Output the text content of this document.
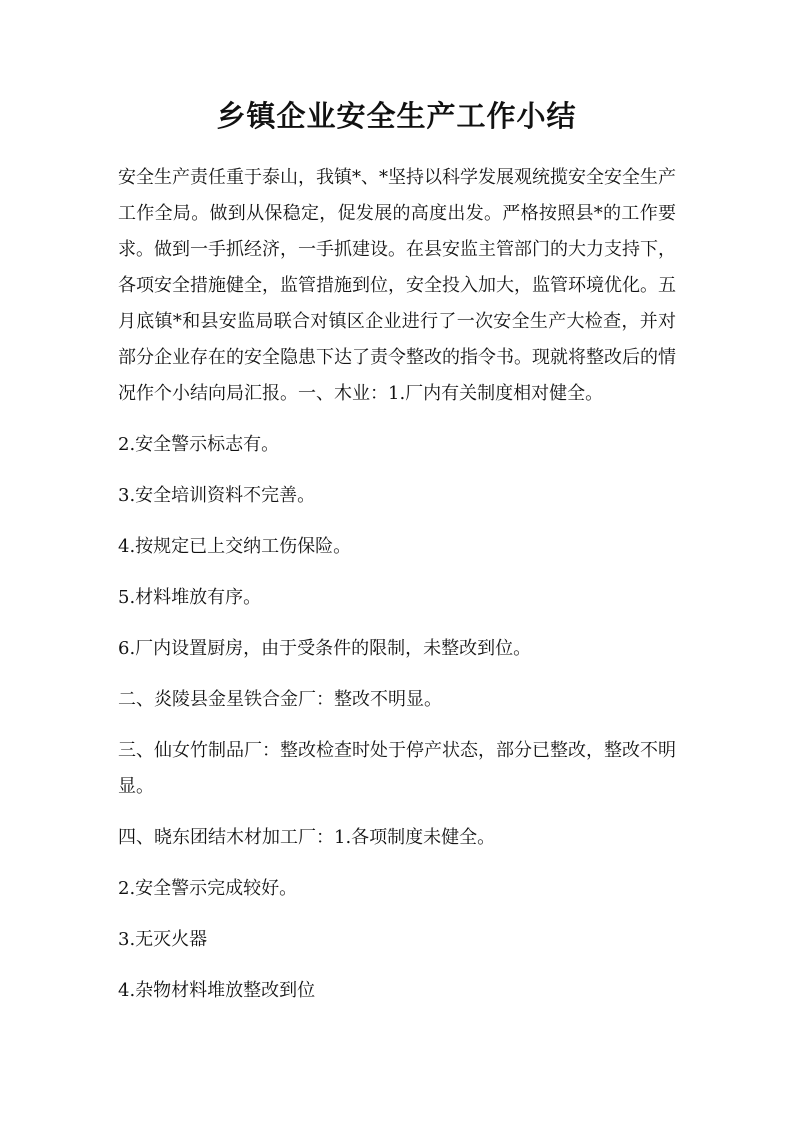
乡镇企业安全生产工作小结

安全生产责任重于泰山，我镇*、*坚持以科学发展观统揽安全安全生产工作全局。做到从保稳定，促发展的高度出发。严格按照县*的工作要求。做到一手抓经济，一手抓建设。在县安监主管部门的大力支持下，各项安全措施健全，监管措施到位，安全投入加大，监管环境优化。五月底镇*和县安监局联合对镇区企业进行了一次安全生产大检查，并对部分企业存在的安全隐患下达了责令整改的指令书。现就将整改后的情况作个小结向局汇报。一、木业：1.厂内有关制度相对健全。

2.安全警示标志有。

3.安全培训资料不完善。

4.按规定已上交纳工伤保险。

5.材料堆放有序。

6.厂内设置厨房，由于受条件的限制，未整改到位。

二、炎陵县金星铁合金厂：整改不明显。

三、仙女竹制品厂：整改检查时处于停产状态，部分已整改，整改不明显。

四、晓东团结木材加工厂：1.各项制度未健全。

2.安全警示完成较好。

3.无灭火器

4.杂物材料堆放整改到位
